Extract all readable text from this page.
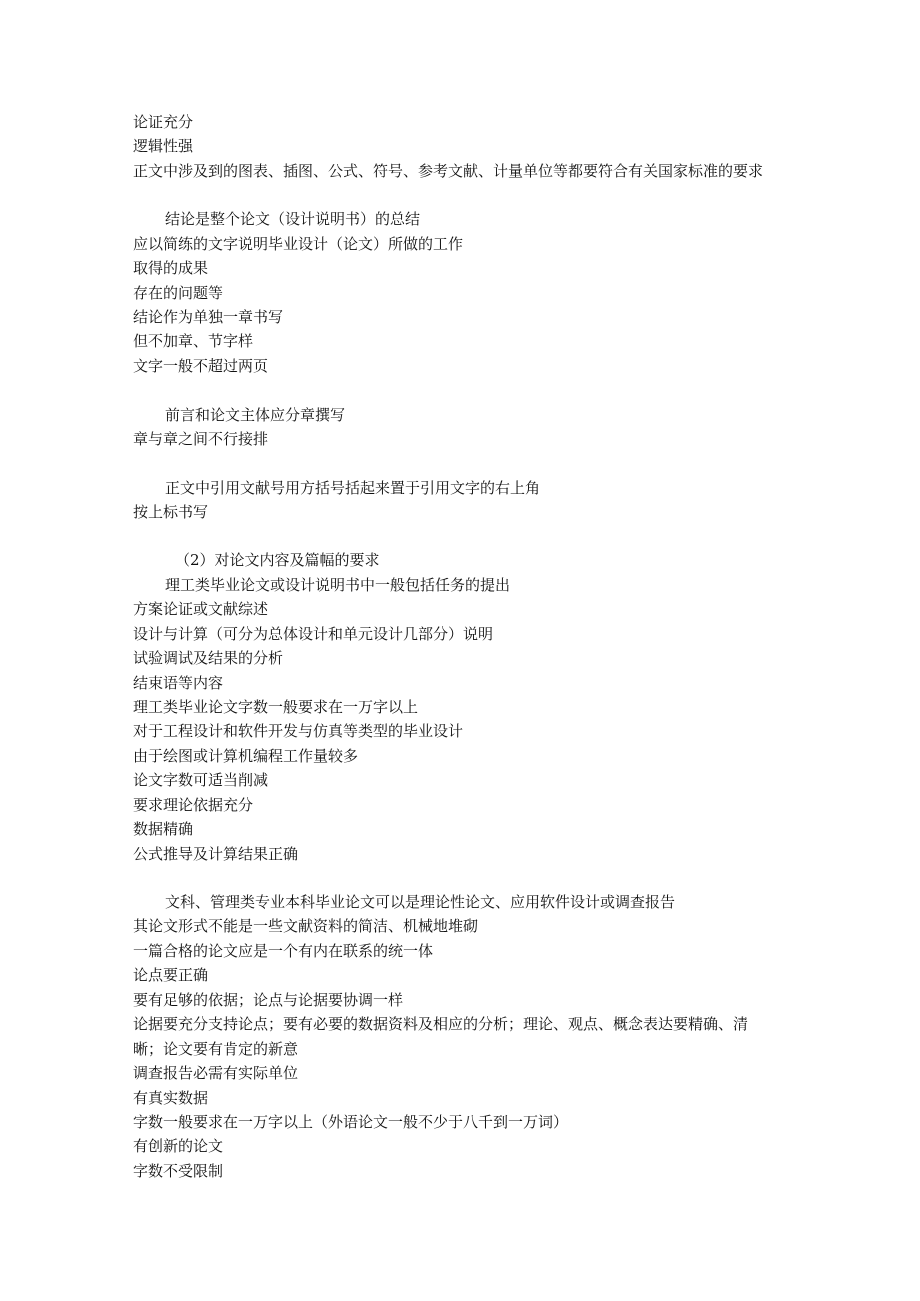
论证充分
逻辑性强
正文中涉及到的图表、插图、公式、符号、参考文献、计量单位等都要符合有关国家标准的要求
结论是整个论文（设计说明书）的总结
应以简练的文字说明毕业设计（论文）所做的工作
取得的成果
存在的问题等
结论作为单独一章书写
但不加章、节字样
文字一般不超过两页
前言和论文主体应分章撰写
章与章之间不行接排
正文中引用文献号用方括号括起来置于引用文字的右上角
按上标书写
（2）对论文内容及篇幅的要求
理工类毕业论文或设计说明书中一般包括任务的提出
方案论证或文献综述
设计与计算（可分为总体设计和单元设计几部分）说明
试验调试及结果的分析
结束语等内容
理工类毕业论文字数一般要求在一万字以上
对于工程设计和软件开发与仿真等类型的毕业设计
由于绘图或计算机编程工作量较多
论文字数可适当削减
要求理论依据充分
数据精确
公式推导及计算结果正确
文科、管理类专业本科毕业论文可以是理论性论文、应用软件设计或调查报告
其论文形式不能是一些文献资料的简洁、机械地堆砌
一篇合格的论文应是一个有内在联系的统一体
论点要正确
要有足够的依据；论点与论据要协调一样
论据要充分支持论点；要有必要的数据资料及相应的分析；理论、观点、概念表达要精确、清
晰；论文要有肯定的新意
调查报告必需有实际单位
有真实数据
字数一般要求在一万字以上（外语论文一般不少于八千到一万词）
有创新的论文
字数不受限制
